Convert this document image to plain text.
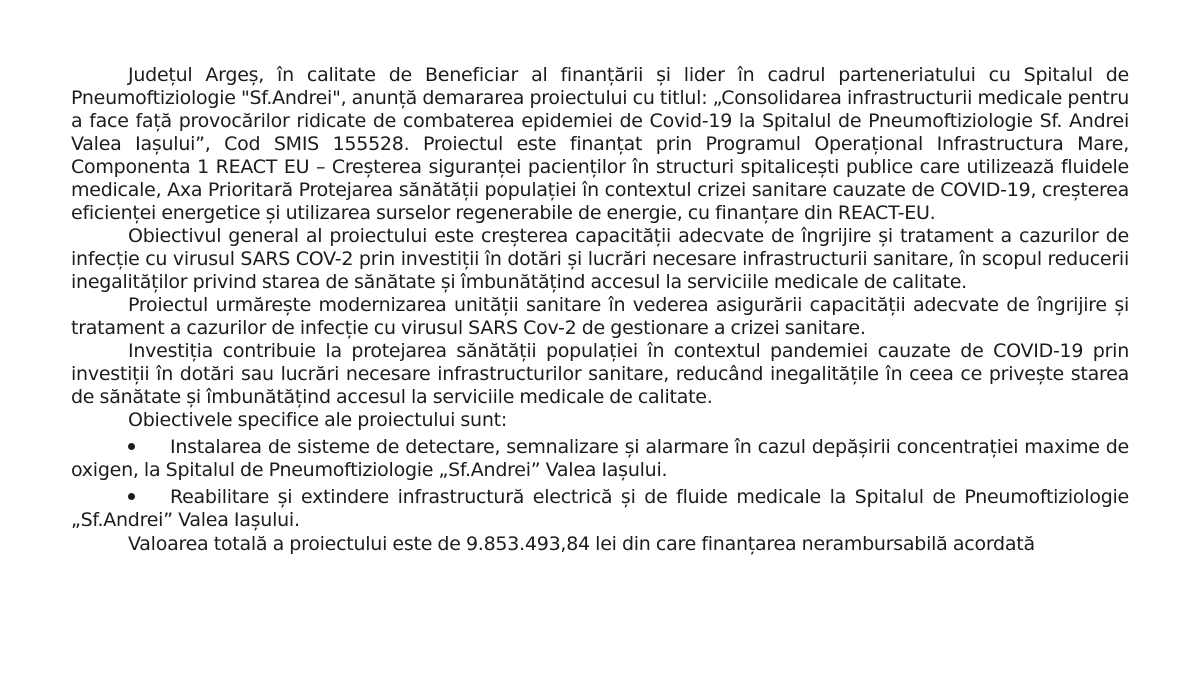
Județul Argeș, în calitate de Beneficiar al finanțării și lider în cadrul parteneriatului cu Spitalul de Pneumoftiziologie "Sf.Andrei", anunță demararea proiectului cu titlul: „Consolidarea infrastructurii medicale pentru a face față provocărilor ridicate de combaterea epidemiei de Covid-19 la Spitalul de Pneumoftiziologie Sf. Andrei Valea Iașului”, Cod SMIS 155528. Proiectul este finanțat prin Programul Operațional Infrastructura Mare, Componenta 1 REACT EU – Creșterea siguranței pacienților în structuri spitalicești publice care utilizează fluidele medicale, Axa Prioritară Protejarea sănătății populației în contextul crizei sanitare cauzate de COVID-19, creșterea eficienței energetice și utilizarea surselor regenerabile de energie, cu finanțare din REACT-EU.

Obiectivul general al proiectului este creșterea capacității adecvate de îngrijire și tratament a cazurilor de infecție cu virusul SARS COV-2 prin investiții în dotări și lucrări necesare infrastructurii sanitare, în scopul reducerii inegalităților privind starea de sănătate și îmbunătățind accesul la serviciile medicale de calitate.

Proiectul urmărește modernizarea unității sanitare în vederea asigurării capacității adecvate de îngrijire și tratament a cazurilor de infecție cu virusul SARS Cov-2 de gestionare a crizei sanitare.

Investiția contribuie la protejarea sănătății populației în contextul pandemiei cauzate de COVID-19 prin investiții în dotări sau lucrări necesare infrastructurilor sanitare, reducând inegalitățile în ceea ce privește starea de sănătate și îmbunătățind accesul la serviciile medicale de calitate.

Obiectivele specifice ale proiectului sunt:

Instalarea de sisteme de detectare, semnalizare și alarmare în cazul depășirii concentrației maxime de oxigen, la Spitalul de Pneumoftiziologie „Sf.Andrei” Valea Iașului.

Reabilitare și extindere infrastructură electrică și de fluide medicale la Spitalul de Pneumoftiziologie „Sf.Andrei” Valea Iașului.

Valoarea totală a proiectului este de 9.853.493,84 lei din care finanțarea nerambursabilă acordată
